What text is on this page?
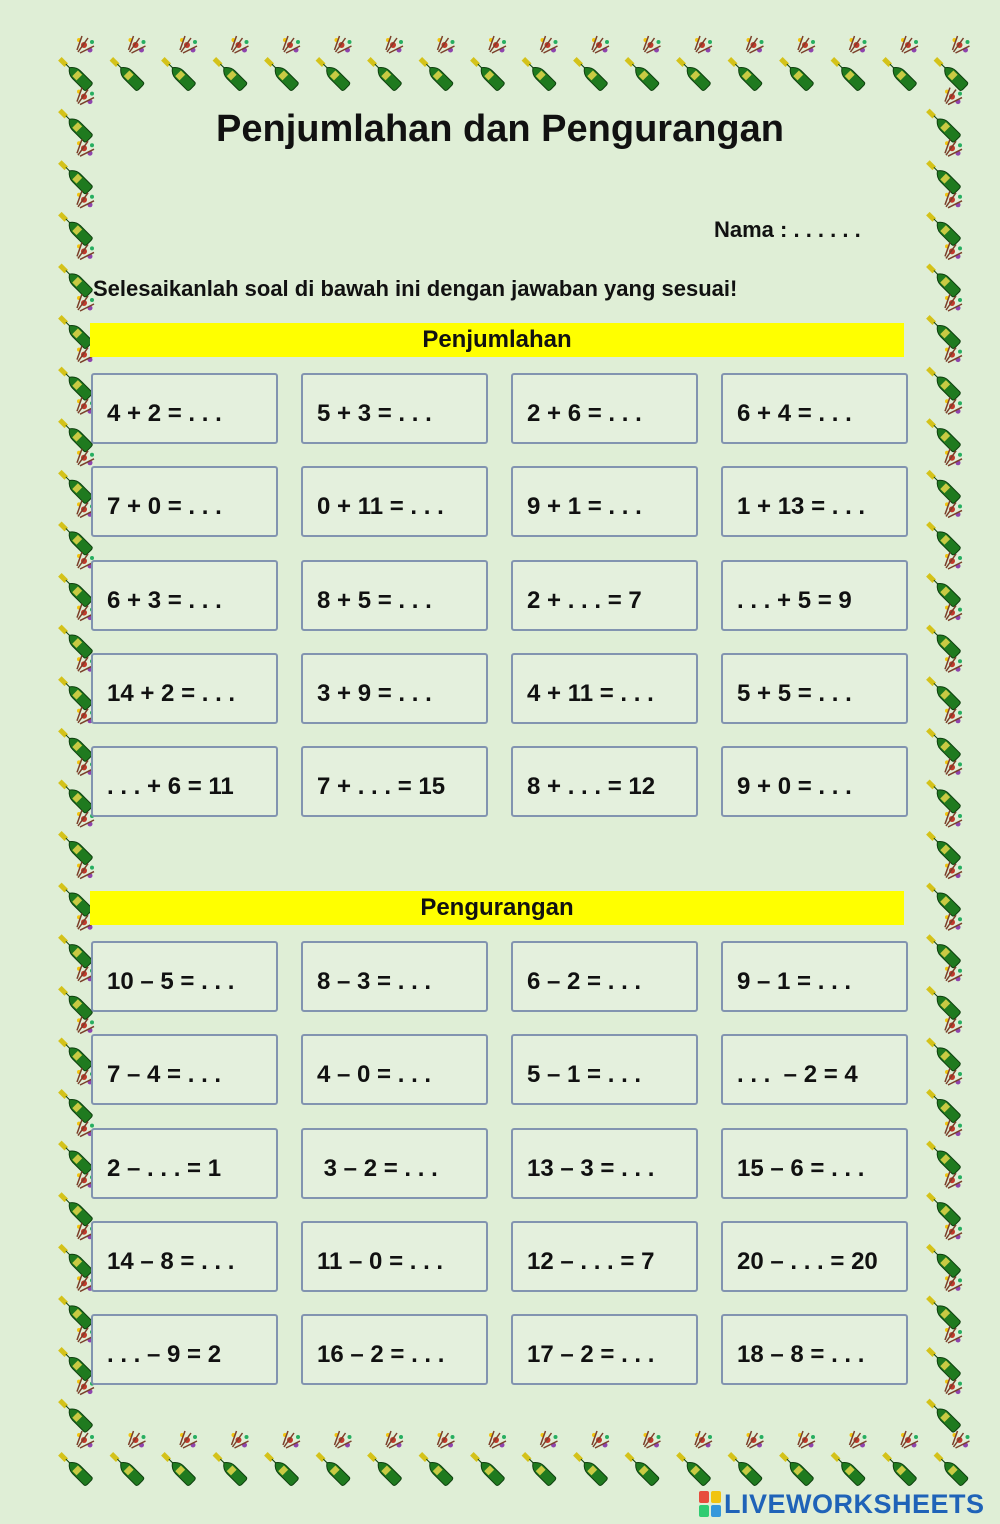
Penjumlahan dan Pengurangan
Nama : . . . . . .
Selesaikanlah soal di bawah ini dengan jawaban yang sesuai!
Penjumlahan
4 + 2 = . . .	5 + 3 = . . .	2 + 6 = . . .	6 + 4 = . . .
7 + 0 = . . .	0 + 11 = . . .	9 + 1 = . . .	1 + 13 = . . .
6 + 3 = . . .	8 + 5 = . . .	2 + . . . = 7	. . . + 5 = 9
14 + 2 = . . .	3 + 9 = . . .	4 + 11 = . . .	5 + 5 = . . .
. . . + 6 = 11	7 + . . . = 15	8 + . . . = 12	9 + 0 = . . .
Pengurangan
10 – 5 = . . .	8 – 3 = . . .	6 – 2 = . . .	9 – 1 = . . .
7 – 4 = . . .	4 – 0 = . . .	5 – 1 = . . .	. . .  – 2 = 4
2 – . . . = 1	3 – 2 = . . .	13 – 3 = . . .	15 – 6 = . . .
14 – 8 = . . .	11 – 0 = . . .	12 – . . . = 7	20 – . . . = 20
. . . – 9 = 2	16 – 2 = . . .	17 – 2 = . . .	18 – 8 = . . .
LIVEWORKSHEETS
